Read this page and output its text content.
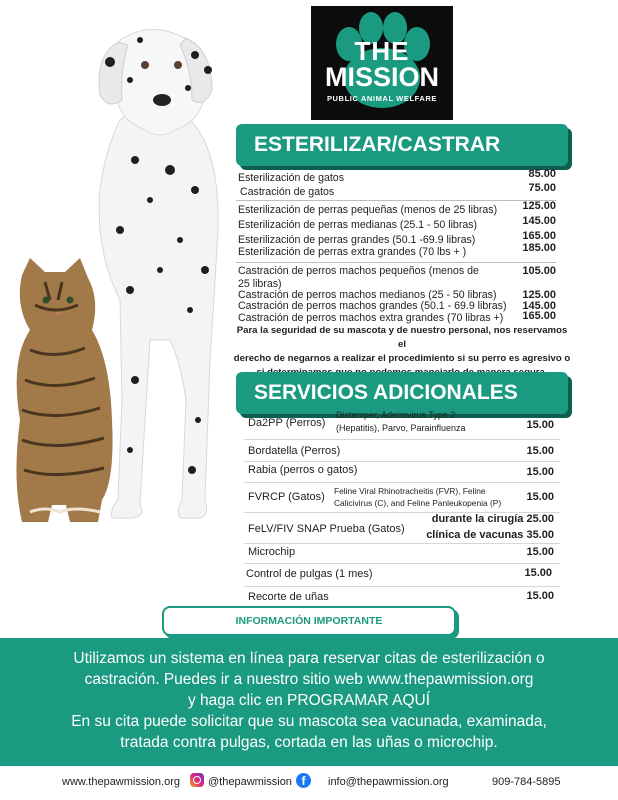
THE
MISSION
PUBLIC ANIMAL WELFARE
ESTERILIZAR/CASTRAR
Esterilización de gatos	85.00
Castración de gatos	75.00
Esterilización de perras pequeñas (menos de 25 libras) 125.00
Esterilización de perras medianas (25.1 - 50 libras)	145.00
Esterilización de perras grandes (50.1 -69.9 libras)	165.00
Esterilización de perras extra grandes (70 lbs + )	185.00
Castración de perros machos pequeños (menos de	105.00
25 libras)
Castración de perros machos medianos (25 - 50 libras) 125.00
Castración de perros machos grandes (50.1 - 69.9 libras) 145.00
Castración de perros machos extra grandes (70 libras +) 165.00
Para la seguridad de su mascota y de nuestro personal, nos reservamos el
derecho de negarnos a realizar el procedimiento si su perro es agresivo o
SERVICIOS ADICIONALES
Da2PP (Perros)
Distemper, Adenovirus Type 2
(Hepatitis), Parvo, Parainfluenza	15.00
Bordatella (Perros)	15.00
Rabia (perros o gatos)	15.00
FVRCP (Gatos) Feline Viral Rhinotracheitis (FVR), Feline
Calicivirus (C), and Feline Panleukopenia (P) 15.00
FeLV/FIV SNAP Prueba (Gatos)
durante la cirugía 25.00
clínica de vacunas 35.00
Microchip	15.00
Control de pulgas (1 mes)	15.00
Recorte de uñas	15.00
INFORMACIÓN IMPORTANTE
Utilizamos un sistema en línea para reservar citas de esterilización o
castración. Puedes ir a nuestro sitio web www.thepawmission.org
y haga clic en PROGRAMAR AQUÍ
En su cita puede solicitar que su mascota sea vacunada, examinada,
tratada contra pulgas, cortada en las uñas o microchip.
www.thepawmission.org	@thepawmission f	info@thepawmission.org	909-784-5895
